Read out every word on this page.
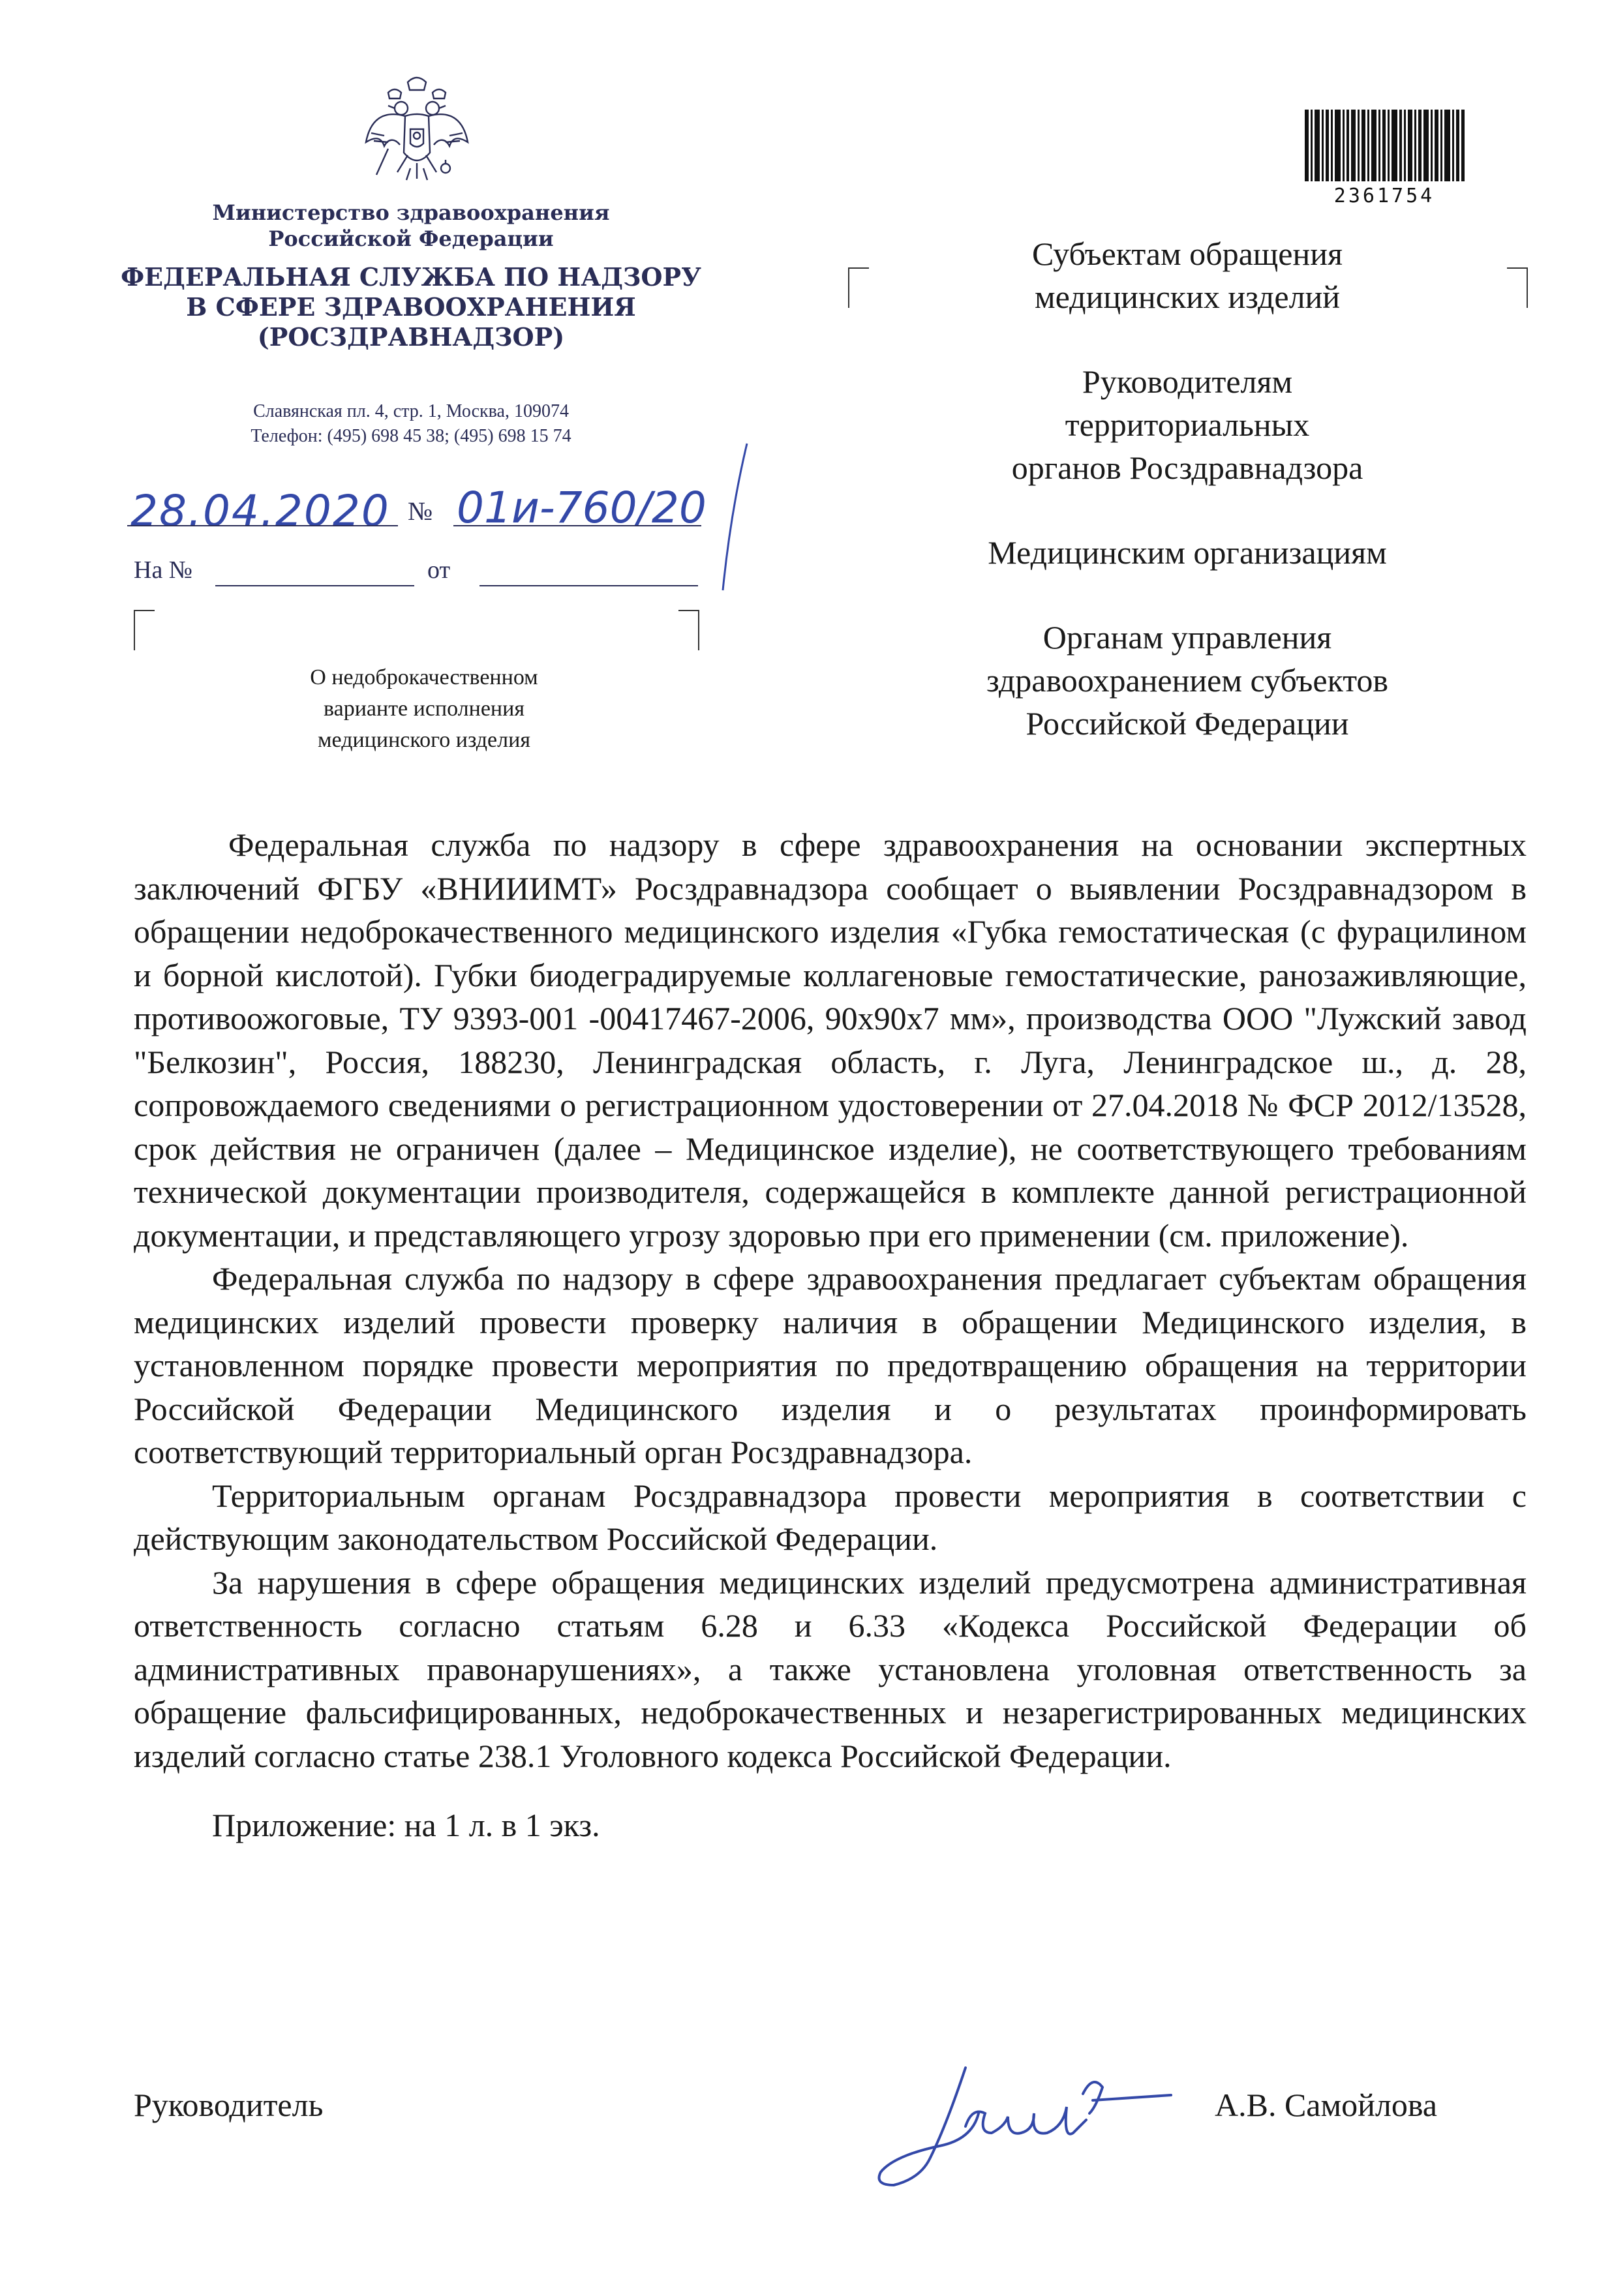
Министерство здравоохранения
Российской Федерации
ФЕДЕРАЛЬНАЯ СЛУЖБА ПО НАДЗОРУ
В СФЕРЕ ЗДРАВООХРАНЕНИЯ
(РОСЗДРАВНАДЗОР)
Славянская пл. 4, стр. 1, Москва, 109074
Телефон: (495) 698 45 38; (495) 698 15 74
28.04.2020 № 01и-760/20
На №	от
О недоброкачественном
варианте исполнения
медицинского изделия
2361754
Субъектам обращения
медицинских изделий
Руководителям
территориальных
органов Росздравнадзора
Медицинским организациям
Органам управления
здравоохранением субъектов
Российской Федерации

Федеральная служба по надзору в сфере здравоохранения на основании экспертных заключений ФГБУ «ВНИИИМТ» Росздравнадзора сообщает о выявлении Росздравнадзором в обращении недоброкачественного медицинского изделия «Губка гемостатическая (с фурацилином и борной кислотой). Губки биодеградируемые коллагеновые гемостатические, ранозаживляющие, противоожоговые, ТУ 9393-001 -00417467-2006, 90x90x7 мм», производства ООО "Лужский завод "Белкозин", Россия, 188230, Ленинградская область, г. Луга, Ленинградское ш., д. 28, сопровождаемого сведениями о регистрационном удостоверении от 27.04.2018 № ФСР 2012/13528, срок действия не ограничен (далее – Медицинское изделие), не соответствующего требованиям технической документации производителя, содержащейся в комплекте данной регистрационной документации, и представляющего угрозу здоровью при его применении (см. приложение).

Федеральная служба по надзору в сфере здравоохранения предлагает субъектам обращения медицинских изделий провести проверку наличия в обращении Медицинского изделия, в установленном порядке провести мероприятия по предотвращению обращения на территории Российской Федерации Медицинского изделия и о результатах проинформировать соответствующий территориальный орган Росздравнадзора.

Территориальным органам Росздравнадзора провести мероприятия в соответствии с действующим законодательством Российской Федерации.

За нарушения в сфере обращения медицинских изделий предусмотрена административная ответственность согласно статьям 6.28 и 6.33 «Кодекса Российской Федерации об административных правонарушениях», а также установлена уголовная ответственность за обращение фальсифицированных, недоброкачественных и незарегистрированных медицинских изделий согласно статье 238.1 Уголовного кодекса Российской Федерации.

Приложение: на 1 л. в 1 экз.

Руководитель	А.В. Самойлова
